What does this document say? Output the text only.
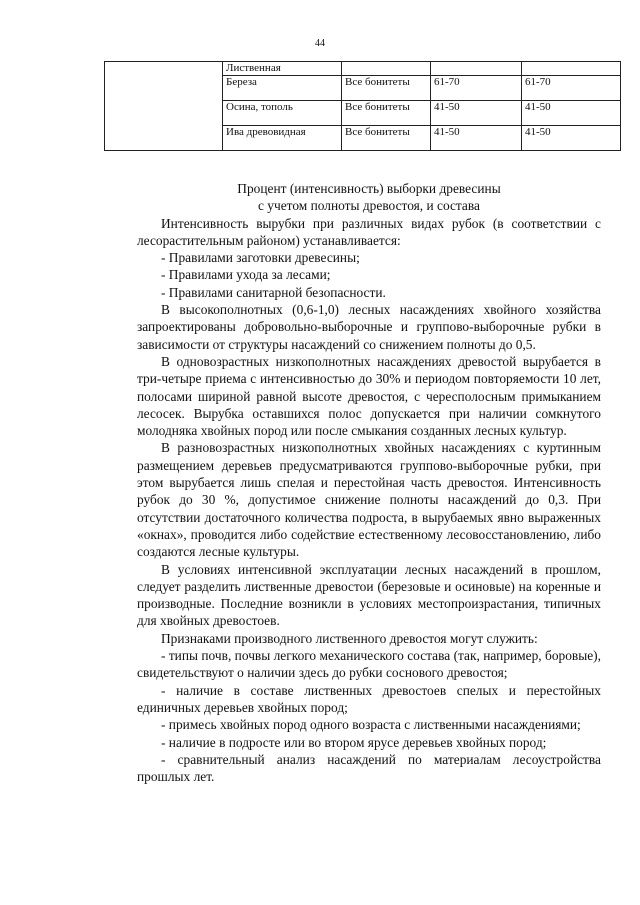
44
	Лиственная			
	Береза	Все бонитеты	61-70	61-70
	Осина, тополь	Все бонитеты	41-50	41-50
	Ива древовидная	Все бонитеты	41-50	41-50

Процент (интенсивность) выборки древесины

с учетом полноты древостоя, и состава

Интенсивность вырубки при различных видах рубок (в соответствии с лесорастительным районом) устанавливается:

- Правилами заготовки древесины;

- Правилами ухода за лесами;

- Правилами санитарной безопасности.

В высокополнотных (0,6-1,0) лесных насаждениях хвойного хозяйства запроектированы добровольно-выборочные и группово-выборочные рубки в зависимости от структуры насаждений со снижением полноты до 0,5.

В одновозрастных низкополнотных насаждениях древостой вырубается в три-четыре приема с интенсивностью до 30% и периодом повторяемости 10 лет, полосами шириной равной высоте древостоя, с чересполосным примыканием лесосек. Вырубка оставшихся полос допускается при наличии сомкнутого молодняка хвойных пород или после смыкания созданных лесных культур.

В разновозрастных низкополнотных хвойных насаждениях с куртинным размещением деревьев предусматриваются группово-выборочные рубки, при этом вырубается лишь спелая и перестойная часть древостоя. Интенсивность рубок до 30 %, допустимое снижение полноты насаждений до 0,3. При отсутствии достаточного количества подроста, в вырубаемых явно выраженных «окнах», проводится либо содействие естественному лесовосстановлению, либо создаются лесные культуры.

В условиях интенсивной эксплуатации лесных насаждений в прошлом, следует разделить лиственные древостои (березовые и осиновые) на коренные и производные. Последние возникли в условиях местопроизрастания, типичных для хвойных древостоев.

Признаками производного лиственного древостоя могут служить:

- типы почв, почвы легкого механического состава (так, например, боровые), свидетельствуют о наличии здесь до рубки соснового древостоя;

- наличие в составе лиственных древостоев спелых и перестойных единичных деревьев хвойных пород;

- примесь хвойных пород одного возраста с лиственными насаждениями;

- наличие в подросте или во втором ярусе деревьев хвойных пород;

- сравнительный анализ насаждений по материалам лесоустройства прошлых лет.
